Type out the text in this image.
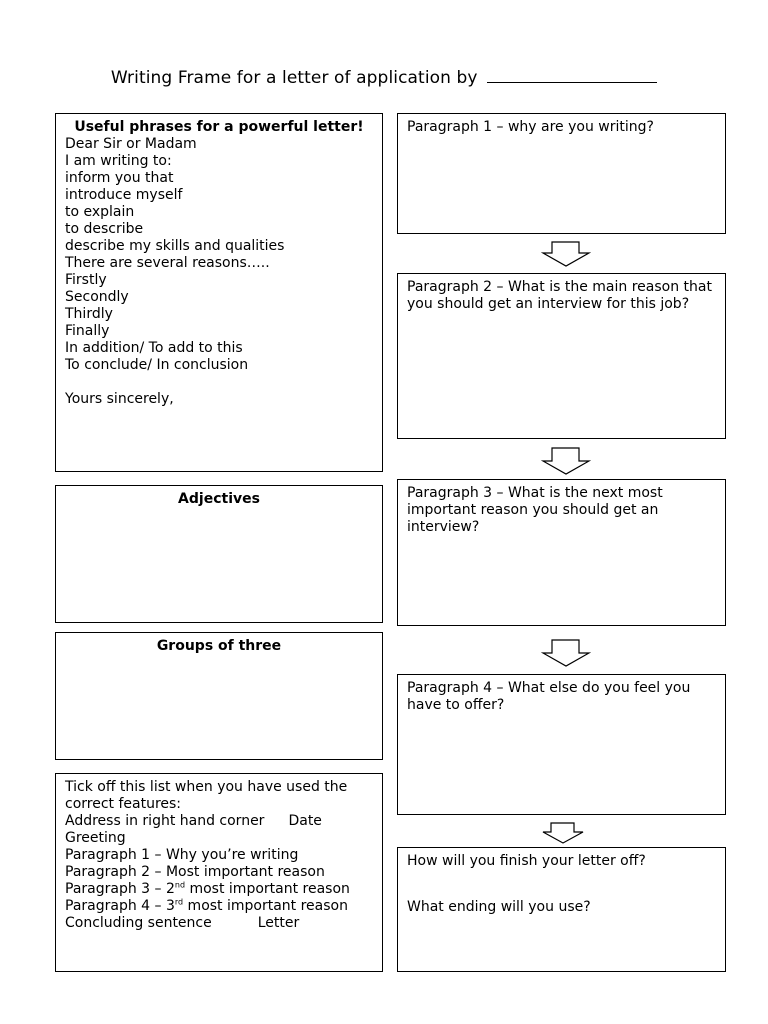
Writing Frame for a letter of application by
Useful phrases for a powerful letter!
Dear Sir or Madam
I am writing to:
inform you that
introduce myself
to explain
to describe
describe my skills and qualities
There are several reasons…..
Firstly
Secondly
Thirdly
Finally
In addition/ To add to this
To conclude/ In conclusion
Yours sincerely,
Adjectives
Groups of three
Tick off this list when you have used the correct features:
Address in right hand corner Date
Greeting
Paragraph 1 – Why you’re writing
Paragraph 2 – Most important reason
Paragraph 3 – 2nd most important reason
Paragraph 4 – 3rd most important reason
Concluding sentence	Letter
Paragraph 1 – why are you writing?
Paragraph 2 – What is the main reason that you should get an interview for this job?
Paragraph 3 – What is the next most important reason you should get an interview?
Paragraph 4 – What else do you feel you have to offer?
How will you finish your letter off?
What ending will you use?
